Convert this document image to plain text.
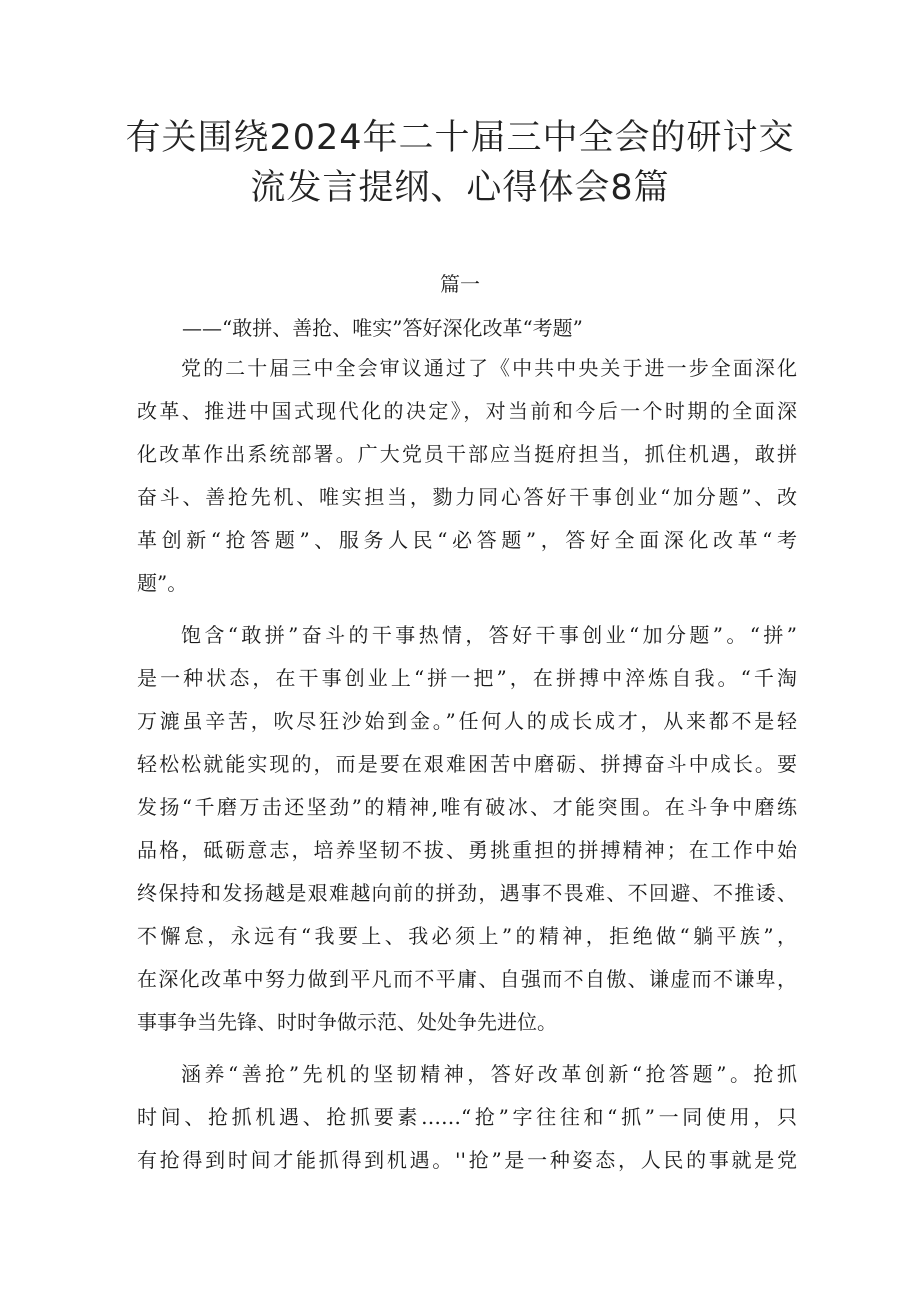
有关围绕2024年二十届三中全会的研讨交
流发言提纲、心得体会8篇
篇一
——“敢拼、善抢、唯实”答好深化改革“考题”
党的二十届三中全会审议通过了《中共中央关于进一步全面深化
改革、推进中国式现代化的决定》，对当前和今后一个时期的全面深
化改革作出系统部署。广大党员干部应当挺府担当，抓住机遇，敢拼
奋斗、善抢先机、唯实担当，勠力同心答好干事创业“加分题”、改
革创新“抢答题”、服务人民“必答题”，答好全面深化改革“考
题”。
饱含“敢拼”奋斗的干事热情，答好干事创业“加分题”。“拼”
是一种状态，在干事创业上“拼一把”，在拼搏中淬炼自我。“千淘
万漉虽辛苦，吹尽狂沙始到金。”任何人的成长成才，从来都不是轻
轻松松就能实现的，而是要在艰难困苦中磨砺、拼搏奋斗中成长。要
发扬“千磨万击还坚劲”的精神,唯有破冰、才能突围。在斗争中磨练
品格，砥砺意志，培养坚韧不拔、勇挑重担的拼搏精神；在工作中始
终保持和发扬越是艰难越向前的拼劲，遇事不畏难、不回避、不推诿、
不懈怠，永远有“我要上、我必须上”的精神，拒绝做“躺平族”，
在深化改革中努力做到平凡而不平庸、自强而不自傲、谦虚而不谦卑，
事事争当先锋、时时争做示范、处处争先进位。
涵养“善抢”先机的坚韧精神，答好改革创新“抢答题”。抢抓
时间、抢抓机遇、抢抓要素……“抢”字往往和“抓”一同使用，只
有抢得到时间才能抓得到机遇。''抢”是一种姿态，人民的事就是党
